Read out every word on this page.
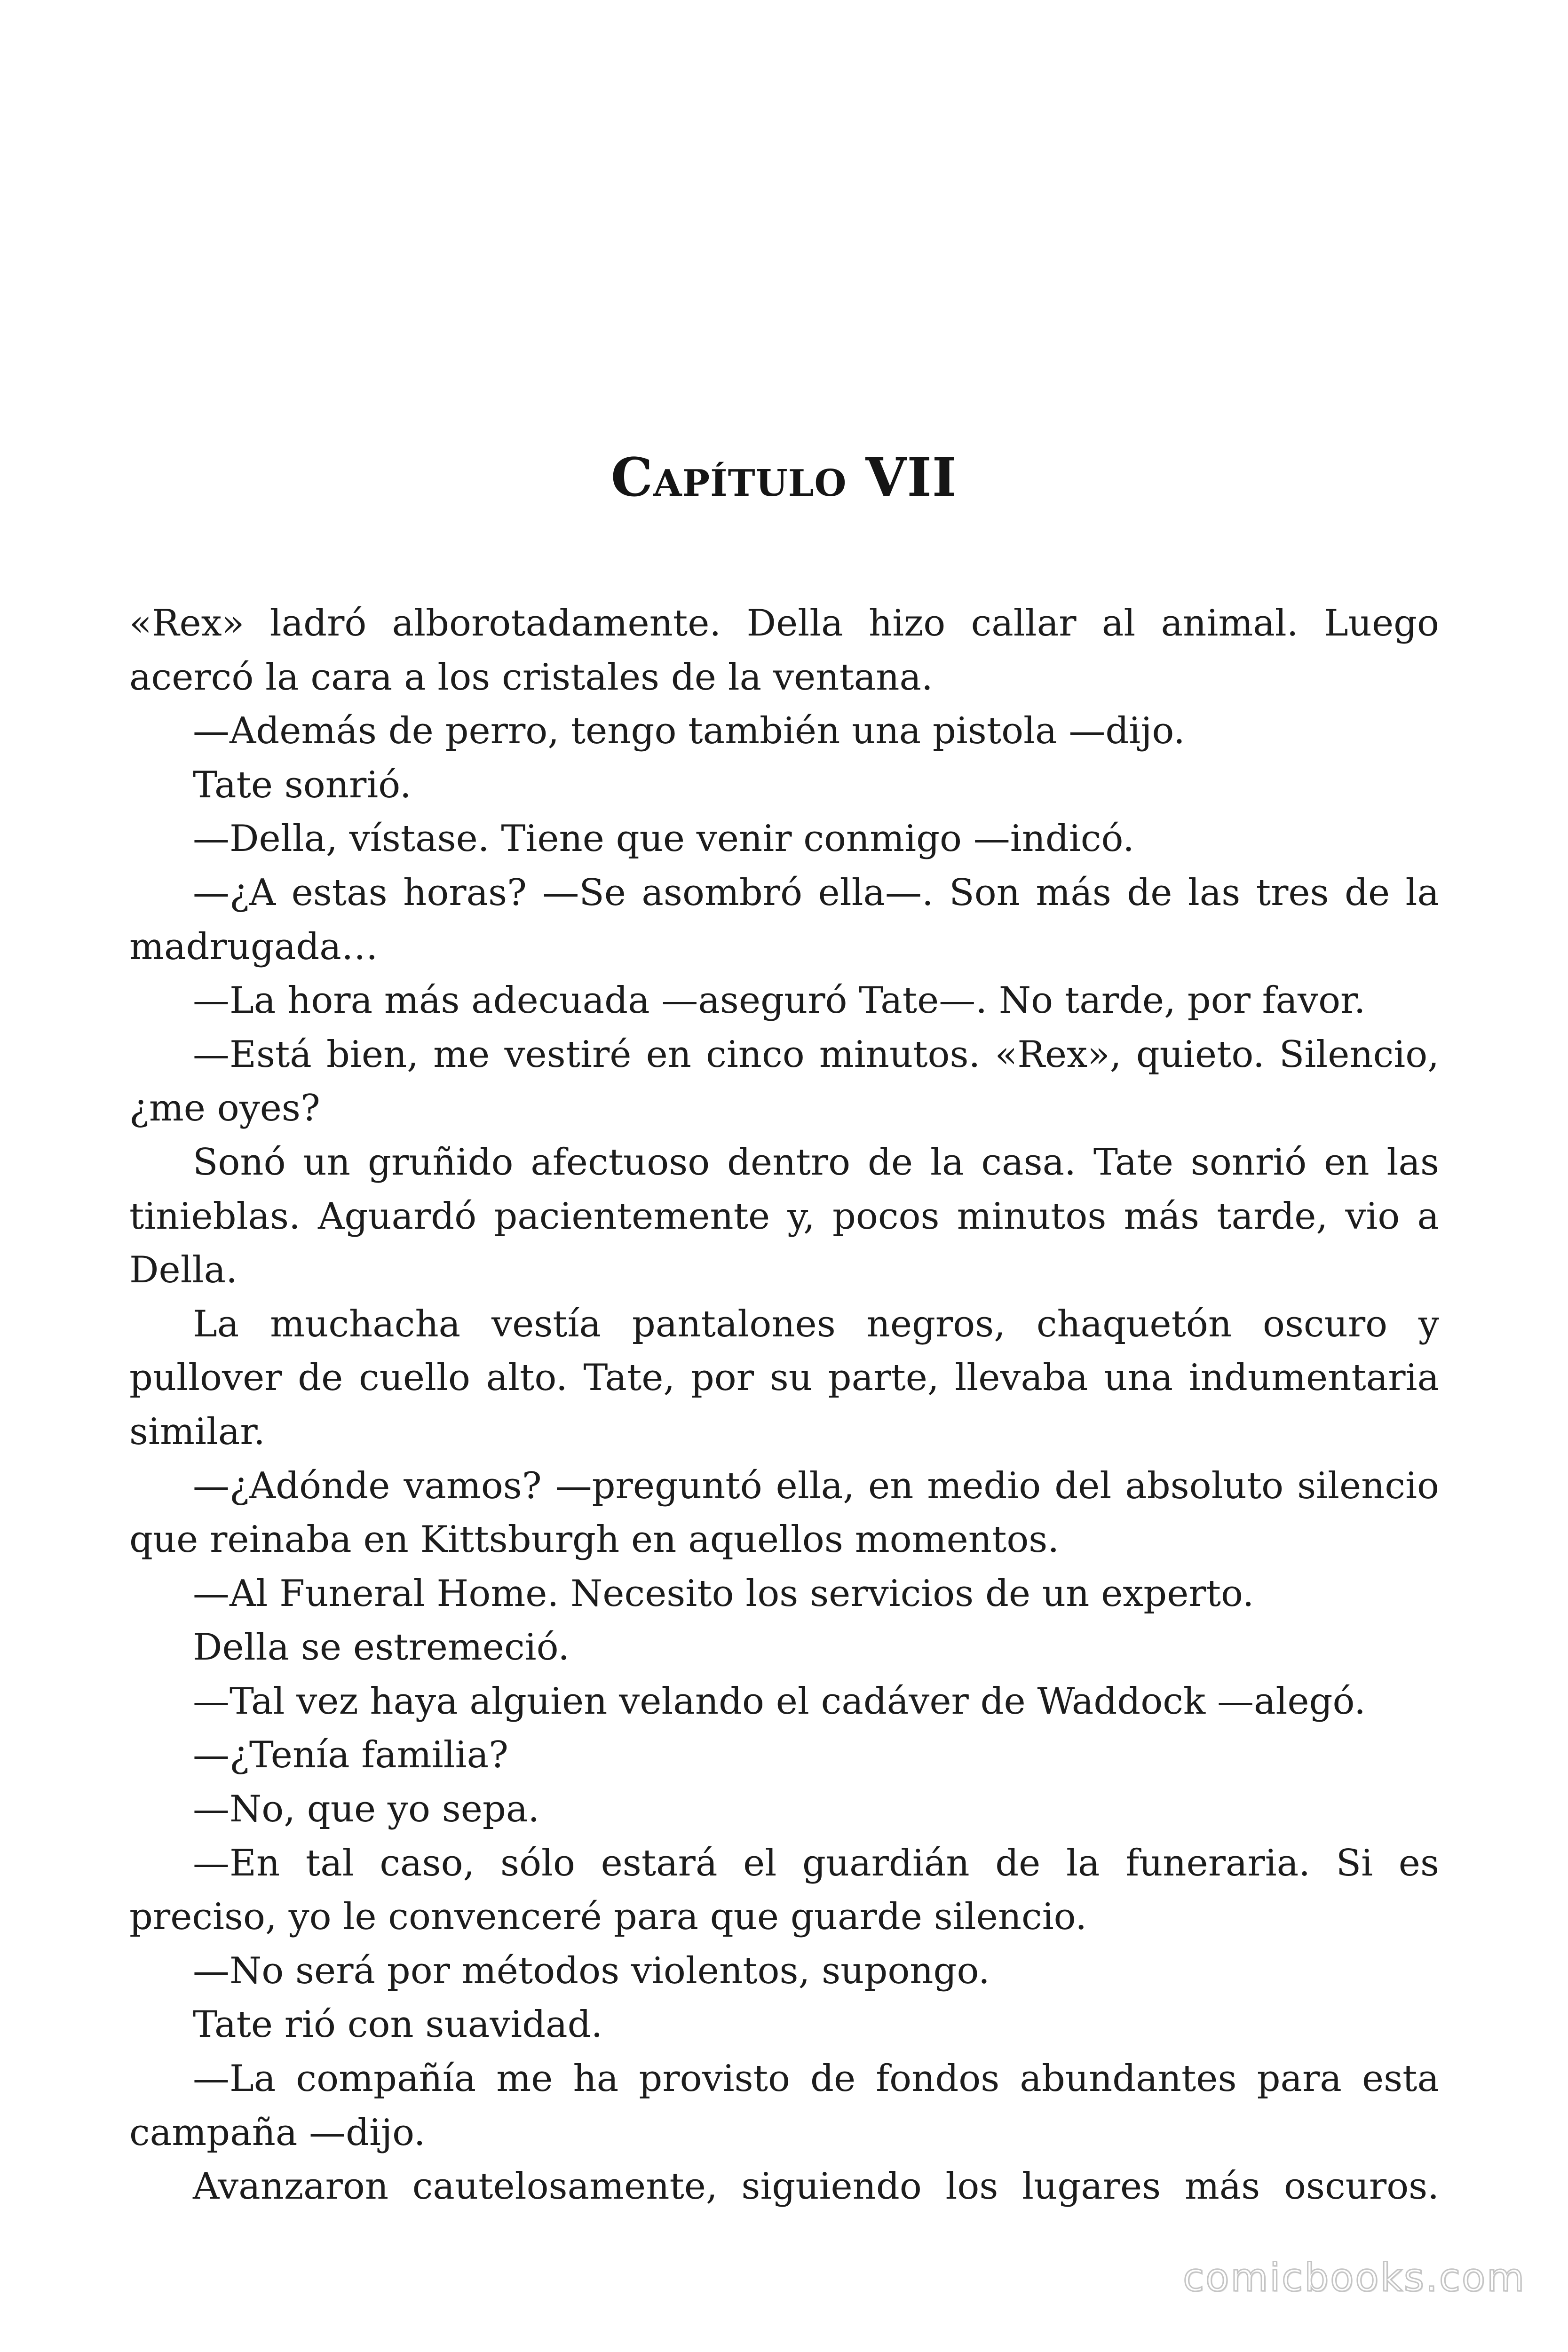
Capítulo VII

«Rex» ladró alborotadamente. Della hizo callar al animal. Luego acercó la cara a los cristales de la ventana.

—Además de perro, tengo también una pistola —dijo.

Tate sonrió.

—Della, vístase. Tiene que venir conmigo —indicó.

—¿A estas horas? —Se asombró ella—. Son más de las tres de la madrugada…

—La hora más adecuada —aseguró Tate—. No tarde, por favor.

—Está bien, me vestiré en cinco minutos. «Rex», quieto. Silencio, ¿me oyes?

Sonó un gruñido afectuoso dentro de la casa. Tate sonrió en las tinieblas. Aguardó pacientemente y, pocos minutos más tarde, vio a Della.

La muchacha vestía pantalones negros, chaquetón oscuro y pullover de cuello alto. Tate, por su parte, llevaba una indumentaria similar.

—¿Adónde vamos? —preguntó ella, en medio del absoluto silencio que reinaba en Kittsburgh en aquellos momentos.

—Al Funeral Home. Necesito los servicios de un experto.

Della se estremeció.

—Tal vez haya alguien velando el cadáver de Waddock —alegó.

—¿Tenía familia?

—No, que yo sepa.

—En tal caso, sólo estará el guardián de la funeraria. Si es preciso, yo le convenceré para que guarde silencio.

—No será por métodos violentos, supongo.

Tate rió con suavidad.

—La compañía me ha provisto de fondos abundantes para esta campaña —dijo.

Avanzaron cautelosamente, siguiendo los lugares más oscuros.

comicbooks.com
